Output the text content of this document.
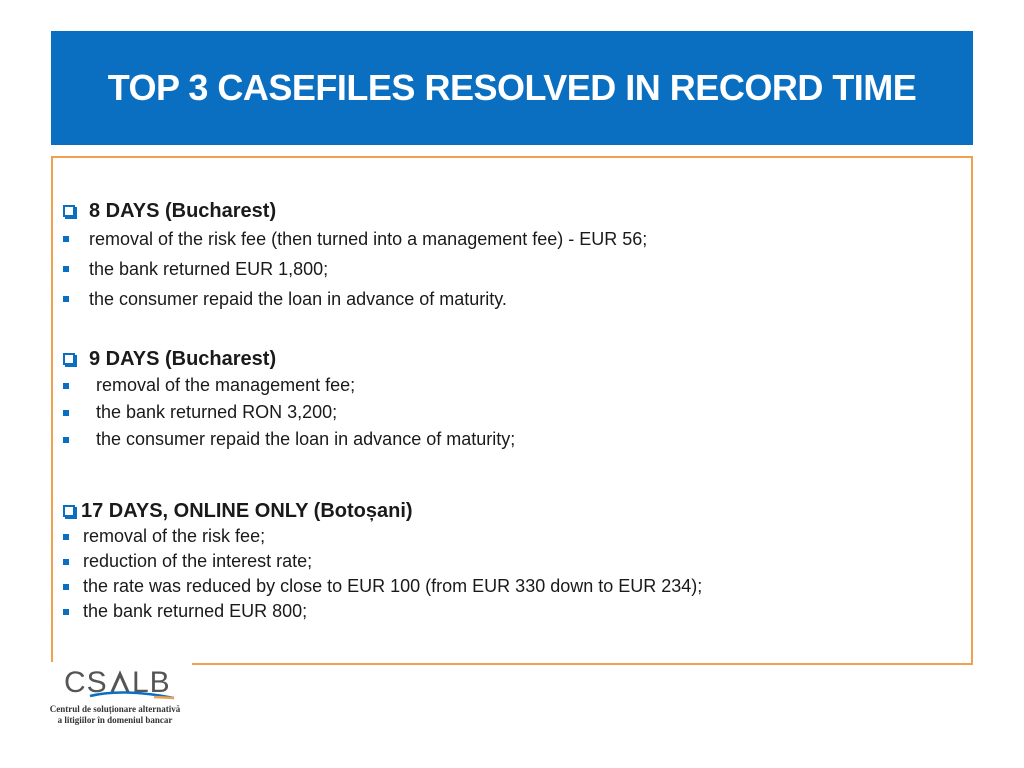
TOP 3 CASEFILES RESOLVED IN RECORD TIME
8 DAYS (Bucharest)
removal of the risk fee (then turned into a management fee) - EUR 56;
the bank returned EUR 1,800;
the consumer repaid the loan in advance of maturity.
9 DAYS (Bucharest)
removal of the management fee;
the bank returned RON 3,200;
the consumer repaid the loan in advance of maturity;
17 DAYS, ONLINE ONLY (Botoșani)
removal of the risk fee;
reduction of the interest rate;
the rate was reduced by close to EUR 100 (from EUR 330 down to EUR 234);
the bank returned EUR 800;
CS LB
Centrul de soluționare alternativă
a litigiilor în domeniul bancar
